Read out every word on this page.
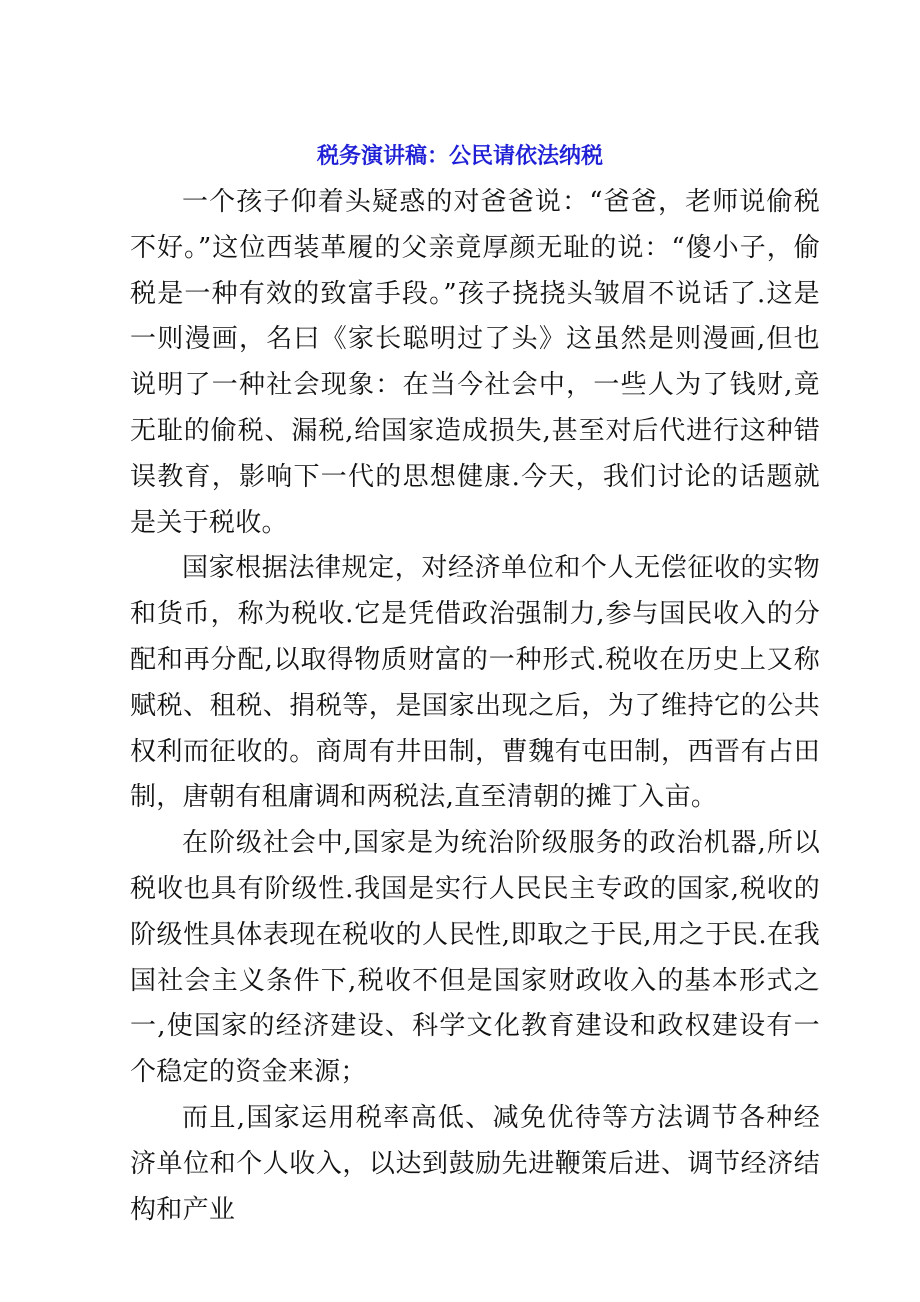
税务演讲稿：公民请依法纳税

一个孩子仰着头疑惑的对爸爸说：“爸爸，老师说偷税不好。”这位西装革履的父亲竟厚颜无耻的说：“傻小子，偷税是一种有效的致富手段。”孩子挠挠头皱眉不说话了.这是一则漫画，名曰《家长聪明过了头》这虽然是则漫画,但也说明了一种社会现象：在当今社会中，一些人为了钱财,竟无耻的偷税、漏税,给国家造成损失,甚至对后代进行这种错误教育，影响下一代的思想健康.今天，我们讨论的话题就是关于税收。

国家根据法律规定，对经济单位和个人无偿征收的实物和货币，称为税收.它是凭借政治强制力,参与国民收入的分配和再分配,以取得物质财富的一种形式.税收在历史上又称赋税、租税、捐税等，是国家出现之后，为了维持它的公共权利而征收的。商周有井田制，曹魏有屯田制，西晋有占田制，唐朝有租庸调和两税法,直至清朝的摊丁入亩。

在阶级社会中,国家是为统治阶级服务的政治机器,所以税收也具有阶级性.我国是实行人民民主专政的国家,税收的阶级性具体表现在税收的人民性,即取之于民,用之于民.在我国社会主义条件下,税收不但是国家财政收入的基本形式之一,使国家的经济建设、科学文化教育建设和政权建设有一个稳定的资金来源；

而且,国家运用税率高低、减免优待等方法调节各种经济单位和个人收入，以达到鼓励先进鞭策后进、调节经济结构和产业
